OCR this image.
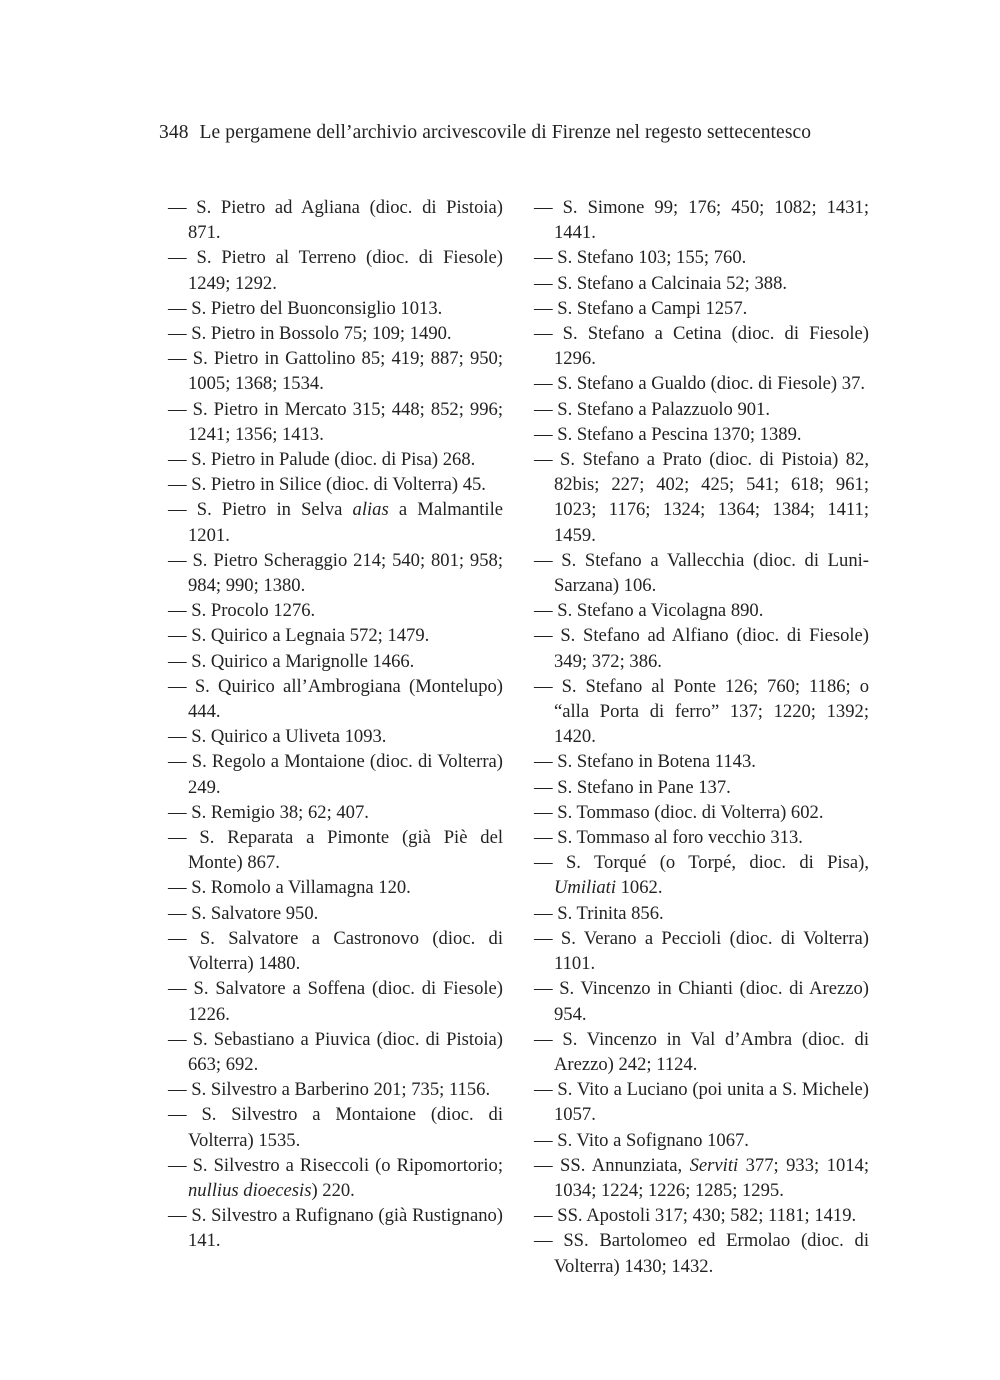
348 Le pergamene dell’archivio arcivescovile di Firenze nel regesto settecentesco
— S. Pietro ad Agliana (dioc. di Pistoia) 871.
— S. Pietro al Terreno (dioc. di Fiesole) 1249; 1292.
— S. Pietro del Buonconsiglio 1013.
— S. Pietro in Bossolo 75; 109; 1490.
— S. Pietro in Gattolino 85; 419; 887; 950; 1005; 1368; 1534.
— S. Pietro in Mercato 315; 448; 852; 996; 1241; 1356; 1413.
— S. Pietro in Palude (dioc. di Pisa) 268.
— S. Pietro in Silice (dioc. di Volterra) 45.
— S. Pietro in Selva alias a Malmantile 1201.
— S. Pietro Scheraggio 214; 540; 801; 958; 984; 990; 1380.
— S. Procolo 1276.
— S. Quirico a Legnaia 572; 1479.
— S. Quirico a Marignolle 1466.
— S. Quirico all’Ambrogiana (Montelupo) 444.
— S. Quirico a Uliveta 1093.
— S. Regolo a Montaione (dioc. di Volterra) 249.
— S. Remigio 38; 62; 407.
— S. Reparata a Pimonte (già Piè del Monte) 867.
— S. Romolo a Villamagna 120.
— S. Salvatore 950.
— S. Salvatore a Castronovo (dioc. di Volterra) 1480.
— S. Salvatore a Soffena (dioc. di Fiesole) 1226.
— S. Sebastiano a Piuvica (dioc. di Pistoia) 663; 692.
— S. Silvestro a Barberino 201; 735; 1156.
— S. Silvestro a Montaione (dioc. di Volterra) 1535.
— S. Silvestro a Riseccoli (o Ripomortorio; nullius dioecesis) 220.
— S. Silvestro a Rufignano (già Rustignano) 141.
— S. Simone 99; 176; 450; 1082; 1431; 1441.
— S. Stefano 103; 155; 760.
— S. Stefano a Calcinaia 52; 388.
— S. Stefano a Campi 1257.
— S. Stefano a Cetina (dioc. di Fiesole) 1296.
— S. Stefano a Gualdo (dioc. di Fiesole) 37.
— S. Stefano a Palazzuolo 901.
— S. Stefano a Pescina 1370; 1389.
— S. Stefano a Prato (dioc. di Pistoia) 82, 82bis; 227; 402; 425; 541; 618; 961; 1023; 1176; 1324; 1364; 1384; 1411; 1459.
— S. Stefano a Vallecchia (dioc. di Luni-Sarzana) 106.
— S. Stefano a Vicolagna 890.
— S. Stefano ad Alfiano (dioc. di Fiesole) 349; 372; 386.
— S. Stefano al Ponte 126; 760; 1186; o “alla Porta di ferro” 137; 1220; 1392; 1420.
— S. Stefano in Botena 1143.
— S. Stefano in Pane 137.
— S. Tommaso (dioc. di Volterra) 602.
— S. Tommaso al foro vecchio 313.
— S. Torqué (o Torpé, dioc. di Pisa), Umiliati 1062.
— S. Trinita 856.
— S. Verano a Peccioli (dioc. di Volterra) 1101.
— S. Vincenzo in Chianti (dioc. di Arezzo) 954.
— S. Vincenzo in Val d’Ambra (dioc. di Arezzo) 242; 1124.
— S. Vito a Luciano (poi unita a S. Michele) 1057.
— S. Vito a Sofignano 1067.
— SS. Annunziata, Serviti 377; 933; 1014; 1034; 1224; 1226; 1285; 1295.
— SS. Apostoli 317; 430; 582; 1181; 1419.
— SS. Bartolomeo ed Ermolao (dioc. di Volterra) 1430; 1432.
